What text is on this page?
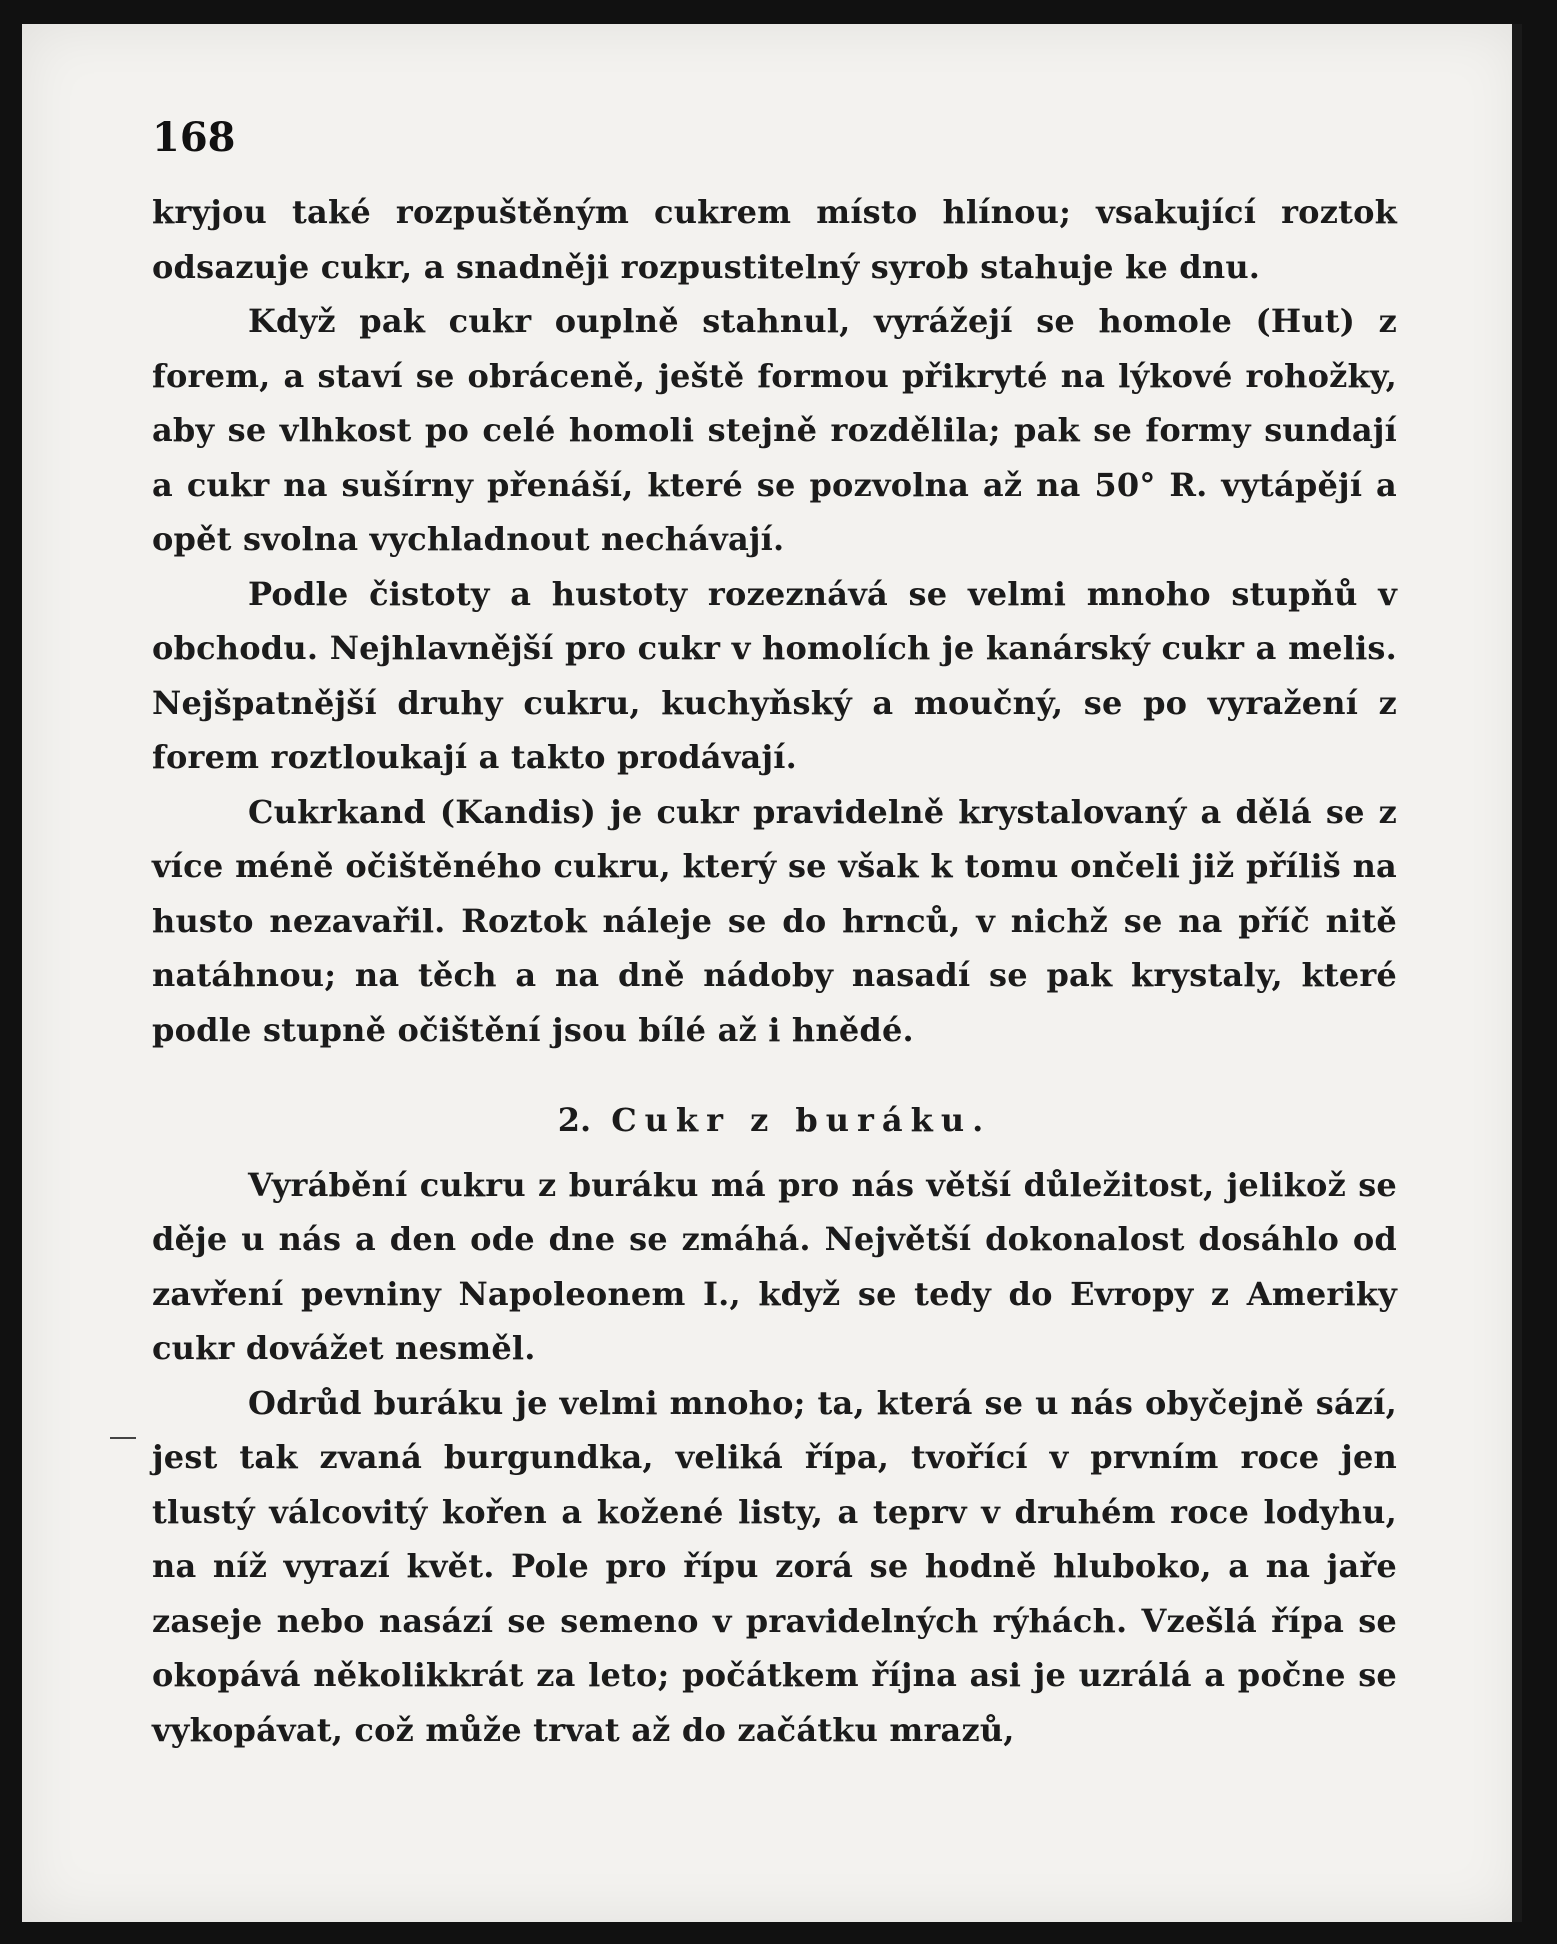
168

kryjou také rozpuštěným cukrem místo hlínou; vsakující roztok odsazuje cukr, a snadněji rozpustitelný syrob stahuje ke dnu.

Když pak cukr ouplně stahnul, vyrážejí se homole (Hut) z forem, a staví se obráceně, ještě formou přikryté na lýkové rohožky, aby se vlhkost po celé homoli stejně rozdělila; pak se formy sundají a cukr na sušírny přenáší, které se pozvolna až na 50° R. vytápějí a opět svolna vychladnout nechávají.

Podle čistoty a hustoty rozeznává se velmi mnoho stupňů v obchodu. Nejhlavnější pro cukr v homolích je kanárský cukr a melis. Nejšpatnější druhy cukru, kuchyňský a moučný, se po vyražení z forem roztloukají a takto prodávají.

Cukrkand (Kandis) je cukr pravidelně krystalovaný a dělá se z více méně očištěného cukru, který se však k tomu ončeli již příliš na husto nezavařil. Roztok náleje se do hrnců, v nichž se na příč nitě natáhnou; na těch a na dně nádoby nasadí se pak krystaly, které podle stupně očištění jsou bílé až i hnědé.

2. Cukr z buráku.

Vyrábění cukru z buráku má pro nás větší důležitost, jelikož se děje u nás a den ode dne se zmáhá. Největší dokonalost dosáhlo od zavření pevniny Napoleonem I., když se tedy do Evropy z Ameriky cukr dovážet nesměl.

Odrůd buráku je velmi mnoho; ta, která se u nás obyčejně sází, jest tak zvaná burgundka, veliká řípa, tvořící v prvním roce jen tlustý válcovitý kořen a kožené listy, a teprv v druhém roce lodyhu, na níž vyrazí květ. Pole pro řípu zorá se hodně hluboko, a na jaře zaseje nebo nasází se semeno v pravidelných rýhách. Vzešlá řípa se okopává několikkrát za leto; počátkem října asi je uzrálá a počne se vykopávat, což může trvat až do začátku mrazů,
